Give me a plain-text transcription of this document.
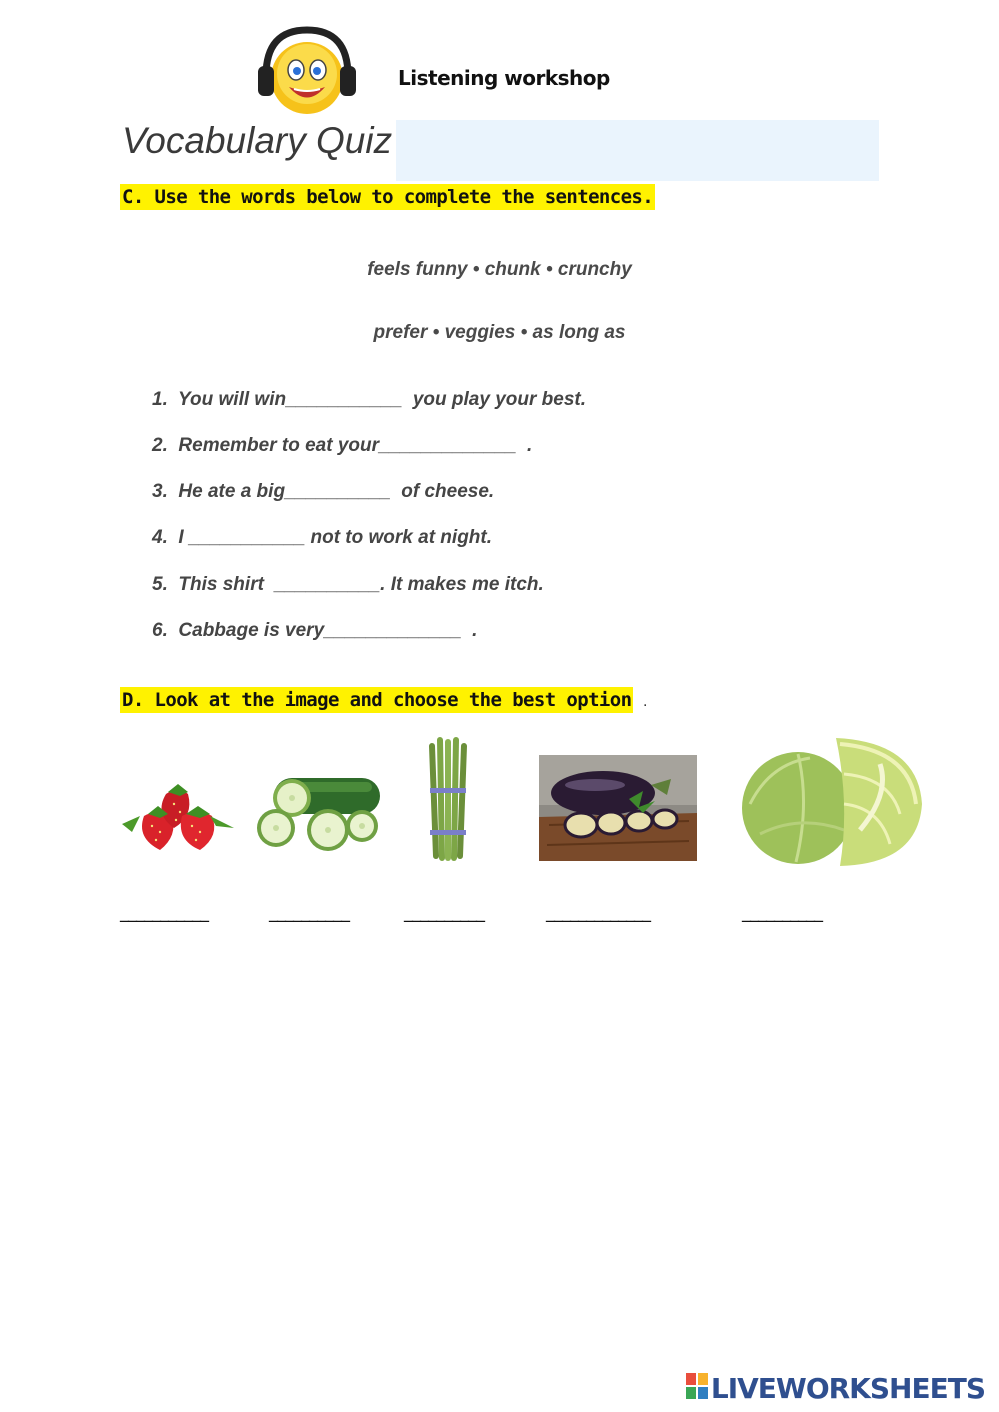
Listening workshop
Vocabulary Quiz
C. Use the words below to complete the sentences.
feels funny • chunk • crunchy
prefer • veggies • as long as
1.  You will win___________  you play your best.
2.  Remember to eat your_____________  .
3.  He ate a big__________  of cheese.
4.  I ___________ not to work at night.
5.  This shirt  __________. It makes me itch.
6.  Cabbage is very_____________  .
D. Look at the image and choose the best option .
___________	__________	__________	_____________	__________
LIVEWORKSHEETS
